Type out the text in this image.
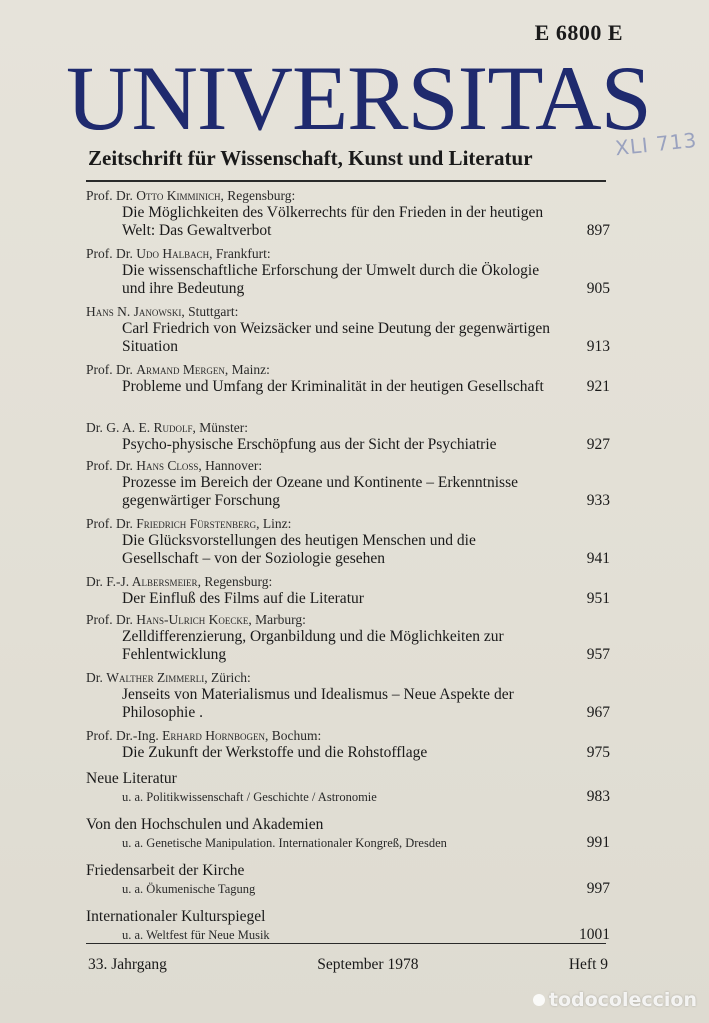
E 6800 E
UNIVERSITAS
XLI 713
Zeitschrift für Wissenschaft, Kunst und Literatur
Prof. Dr. Otto Kimminich, Regensburg:
Die Möglichkeiten des Völkerrechts für den Frieden in der heutigen Welt: Das Gewaltverbot	897
Prof. Dr. Udo Halbach, Frankfurt:
Die wissenschaftliche Erforschung der Umwelt durch die Ökologie und ihre Bedeutung	905
Hans N. Janowski, Stuttgart:
Carl Friedrich von Weizsäcker und seine Deutung der gegenwärtigen Situation	913
Prof. Dr. Armand Mergen, Mainz:
Probleme und Umfang der Kriminalität in der heutigen Gesellschaft	921
Dr. G. A. E. Rudolf, Münster:
Psycho-physische Erschöpfung aus der Sicht der Psychiatrie	927
Prof. Dr. Hans Closs, Hannover:
Prozesse im Bereich der Ozeane und Kontinente – Erkenntnisse gegenwärtiger Forschung	933
Prof. Dr. Friedrich Fürstenberg, Linz:
Die Glücksvorstellungen des heutigen Menschen und die Gesellschaft – von der Soziologie gesehen	941
Dr. F.-J. Albersmeier, Regensburg:
Der Einfluß des Films auf die Literatur	951
Prof. Dr. Hans-Ulrich Koecke, Marburg:
Zelldifferenzierung, Organbildung und die Möglichkeiten zur Fehlentwicklung	957
Dr. Walther Zimmerli, Zürich:
Jenseits von Materialismus und Idealismus – Neue Aspekte der Philosophie .	967
Prof. Dr.-Ing. Erhard Hornbogen, Bochum:
Die Zukunft der Werkstoffe und die Rohstofflage	975
Neue Literatur
u. a. Politikwissenschaft / Geschichte / Astronomie	983
Von den Hochschulen und Akademien
u. a. Genetische Manipulation. Internationaler Kongreß, Dresden	991
Friedensarbeit der Kirche
u. a. Ökumenische Tagung	997
Internationaler Kulturspiegel
u. a. Weltfest für Neue Musik	1001
33. Jahrgang	September 1978	Heft 9
todocoleccion
